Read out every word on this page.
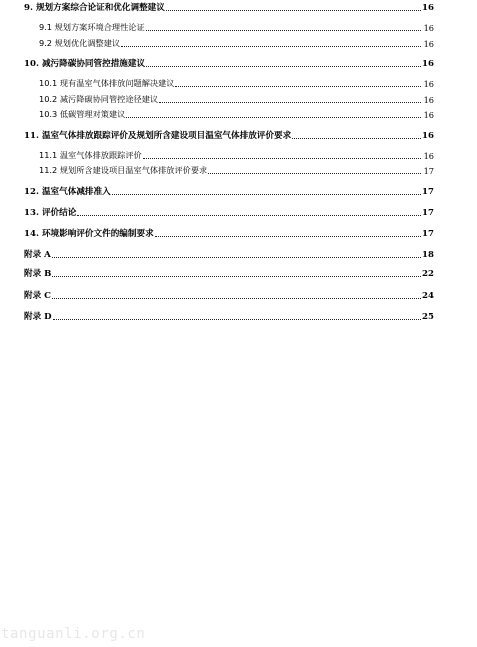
9. 规划方案综合论证和优化调整建议	16
9.1 规划方案环境合理性论证	16
9.2 规划优化调整建议	16
10. 减污降碳协同管控措施建议	16
10.1 现有温室气体排放问题解决建议	16
10.2 减污降碳协同管控途径建议	16
10.3 低碳管理对策建议	16
11. 温室气体排放跟踪评价及规划所含建设项目温室气体排放评价要求	16
11.1 温室气体排放跟踪评价	16
11.2 规划所含建设项目温室气体排放评价要求	17
12. 温室气体减排准入	17
13. 评价结论	17
14. 环境影响评价文件的编制要求	17
附录 A	18
附录 B	22
附录 C	24
附录 D	25
tanguanli.org.cn
